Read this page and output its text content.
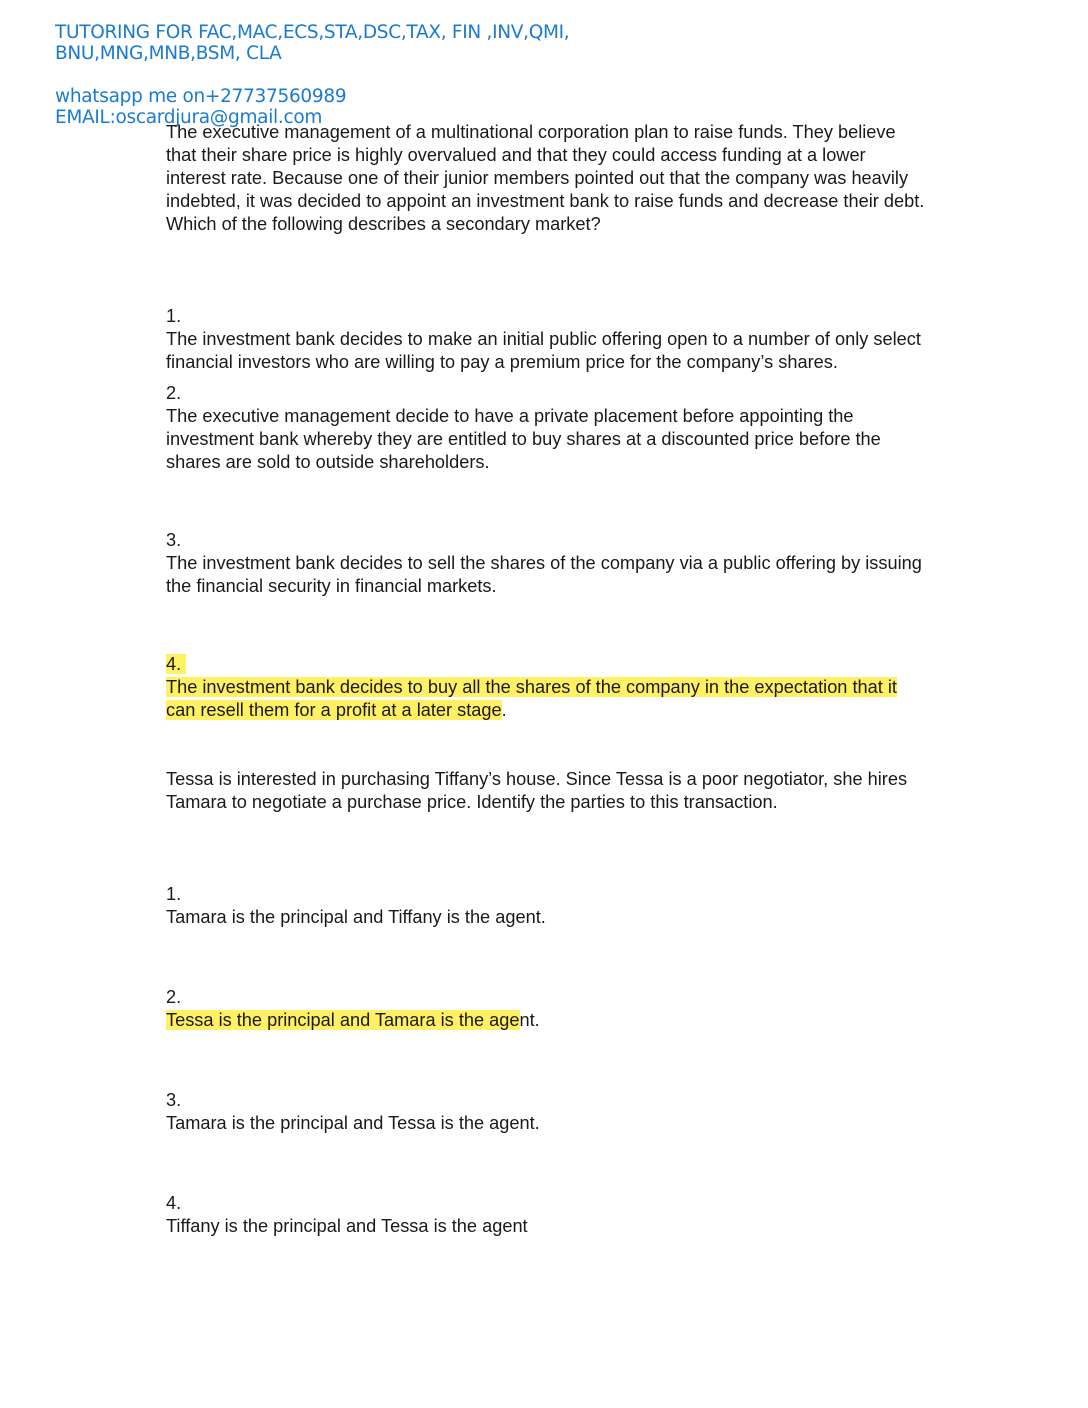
TUTORING FOR FAC,MAC,ECS,STA,DSC,TAX, FIN ,INV,QMI,
BNU,MNG,MNB,BSM, CLA
whatsapp me on+27737560989
EMAIL:oscardjura@gmail.com

The executive management of a multinational corporation plan to raise funds. They believe that their share price is highly overvalued and that they could access funding at a lower interest rate. Because one of their junior members pointed out that the company was heavily indebted, it was decided to appoint an investment bank to raise funds and decrease their debt. Which of the following describes a secondary market?

1.
The investment bank decides to make an initial public offering open to a number of only select financial investors who are willing to pay a premium price for the company’s shares.
2.
The executive management decide to have a private placement before appointing the investment bank whereby they are entitled to buy shares at a discounted price before the shares are sold to outside shareholders.
3.
The investment bank decides to sell the shares of the company via a public offering by issuing the financial security in financial markets.
4.
The investment bank decides to buy all the shares of the company in the expectation that it can resell them for a profit at a later stage.

Tessa is interested in purchasing Tiffany’s house. Since Tessa is a poor negotiator, she hires Tamara to negotiate a purchase price. Identify the parties to this transaction.

1.
Tamara is the principal and Tiffany is the agent.
2.
Tessa is the principal and Tamara is the agent.
3.
Tamara is the principal and Tessa is the agent.
4.
Tiffany is the principal and Tessa is the agent
